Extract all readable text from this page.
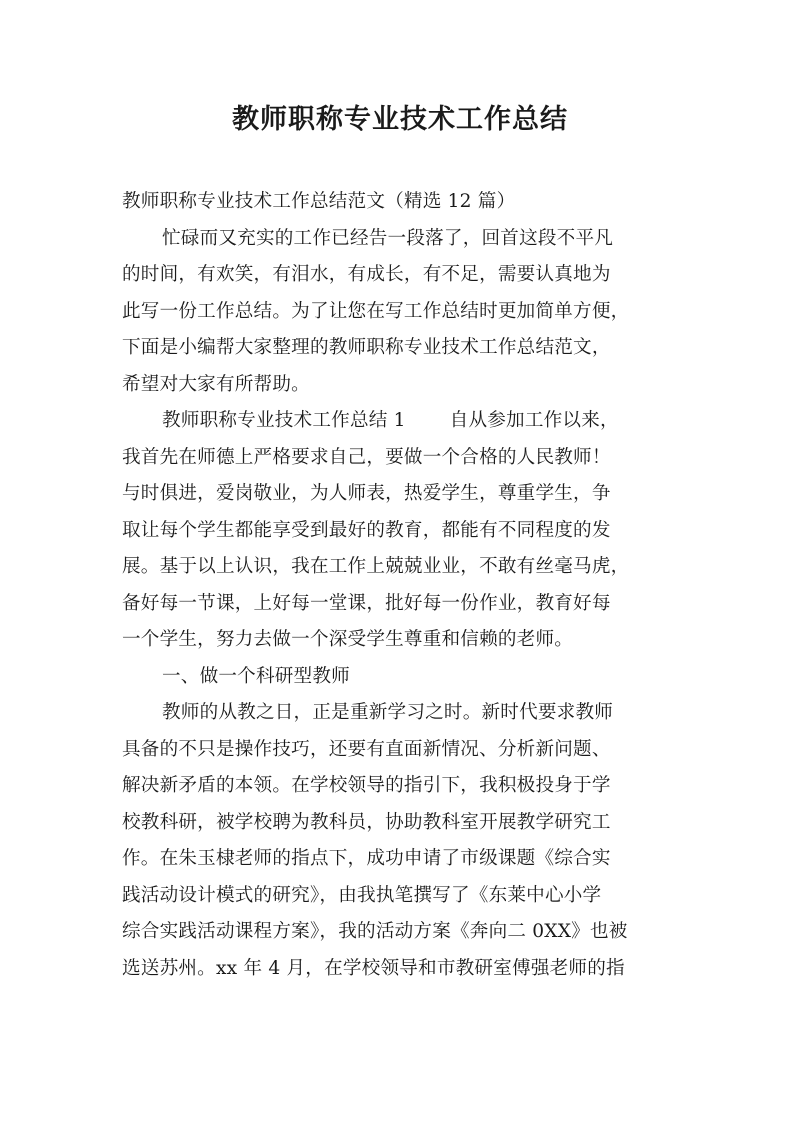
教师职称专业技术工作总结
教师职称专业技术工作总结范文（精选 12 篇）
忙碌而又充实的工作已经告一段落了，回首这段不平凡
的时间，有欢笑，有泪水，有成长，有不足，需要认真地为
此写一份工作总结。为了让您在写工作总结时更加简单方便，
下面是小编帮大家整理的教师职称专业技术工作总结范文，
希望对大家有所帮助。
教师职称专业技术工作总结 1 自从参加工作以来，
我首先在师德上严格要求自己，要做一个合格的人民教师！
与时俱进，爱岗敬业，为人师表，热爱学生，尊重学生，争
取让每个学生都能享受到最好的教育，都能有不同程度的发
展。基于以上认识，我在工作上兢兢业业，不敢有丝毫马虎，
备好每一节课，上好每一堂课，批好每一份作业，教育好每
一个学生，努力去做一个深受学生尊重和信赖的老师。
一、做一个科研型教师
教师的从教之日，正是重新学习之时。新时代要求教师
具备的不只是操作技巧，还要有直面新情况、分析新问题、
解决新矛盾的本领。在学校领导的指引下，我积极投身于学
校教科研，被学校聘为教科员，协助教科室开展教学研究工
作。在朱玉棣老师的指点下，成功申请了市级课题《综合实
践活动设计模式的研究》，由我执笔撰写了《东莱中心小学
综合实践活动课程方案》，我的活动方案《奔向二 0XX》也被
选送苏州。xx 年 4 月，在学校领导和市教研室傅强老师的指
